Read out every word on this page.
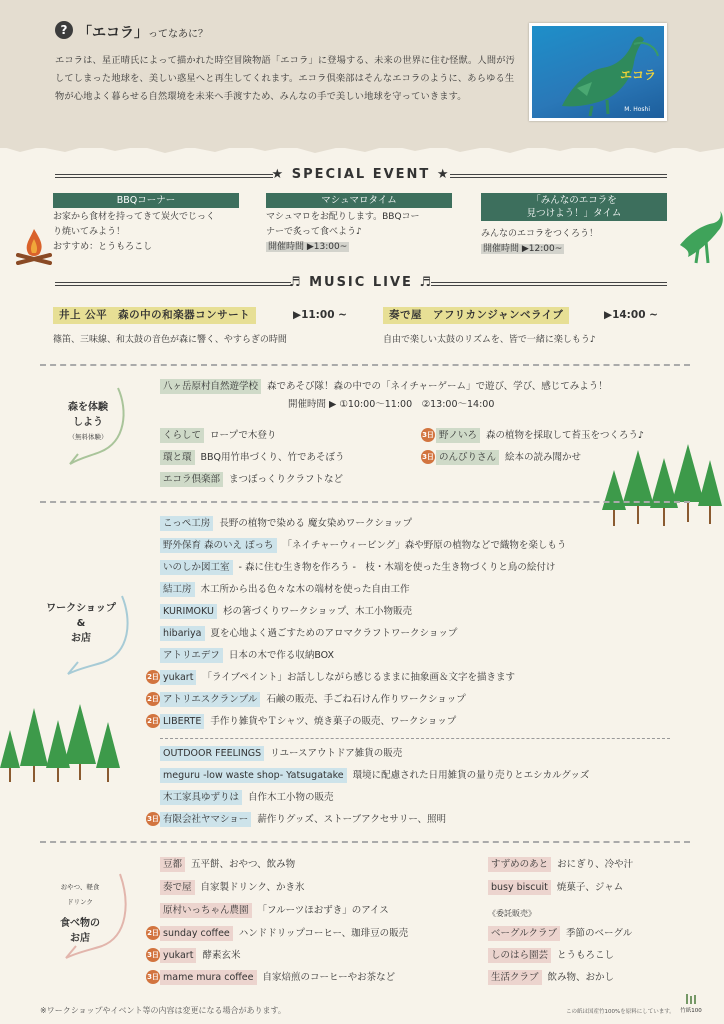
? 「エコラ」ってなあに？
エコラは、星正晴氏によって描かれた時空冒険物語「エコラ」に登場する、未来の世界に住む怪獣。人間が汚してしまった地球を、美しい惑星へと再生してくれます。エコラ倶楽部はそんなエコラのように、あらゆる生物が心地よく暮らせる自然環境を未来へ手渡すため、みんなの手で美しい地球を守っていきます。
エコラ
M. Hoshi
★ SPECIAL EVENT ★
BBQコーナー
お家から食材を持ってきて炭火でじっく
り焼いてみよう！
おすすめ：とうもろこし
マシュマロタイム
マシュマロをお配りします。BBQコー
ナーで炙って食べよう♪
開催時間 ▶13:00~
「みんなのエコラを
見つけよう！」タイム
みんなのエコラをつくろう！
開催時間 ▶12:00~
♬ MUSIC LIVE ♬
井上 公平　森の中の和楽器コンサート	▶11:00 ~
篠笛、三味線、和太鼓の音色が森に響く、やすらぎの時間
奏で屋　アフリカンジャンベライブ	▶14:00 ~
自由で楽しい太鼓のリズムを、皆で一緒に楽しもう♪
森を体験
しよう
（無料体験）
八ヶ岳原村自然遊学校 森であそび隊！森の中での「ネイチャーゲーム」で遊び、学び、感じてみよう！
開催時間 ▶ ①10:00～11:00　②13:00～14:00
くらして ロープで木登り
環と環 BBQ用竹串づくり、竹であそぼう
エコラ倶楽部 まつぼっくりクラフトなど
3日 野ノいろ 森の植物を採取して苔玉をつくろう♪
3日 のんびりさん 絵本の読み聞かせ
ワークショップ
&
お店
こっぺ工房 長野の植物で染める 魔女染めワークショップ
野外保育 森のいえ ぽっち 「ネイチャーウィービング」森や野原の植物などで織物を楽しもう
いのしか図工室 - 森に住む生き物を作ろう -　枝・木端を使った生き物づくりと鳥の絵付け
結工房 木工所から出る色々な木の端材を使った自由工作
KURIMOKU 杉の箸づくりワークショップ、木工小物販売
hibariya 夏を心地よく過ごすためのアロマクラフトワークショップ
アトリエデフ 日本の木で作る収納BOX
2日 yukart 「ライブペイント」お話ししながら感じるままに抽象画＆文字を描きます
2日 アトリエスクランブル 石鹸の販売、手ごね石けん作りワークショップ
2日 LIBERTE 手作り雑貨やＴシャツ、焼き菓子の販売、ワークショップ
OUTDOOR FEELINGS リユースアウトドア雑貨の販売
meguru -low waste shop- Yatsugatake 環境に配慮された日用雑貨の量り売りとエシカルグッズ
木工家具ゆずりは 自作木工小物の販売
3日 有限会社ヤマショー 薪作りグッズ、ストーブアクセサリー、照明
おやつ、軽食
ドリンク
食べ物の
お店
豆都 五平餅、おやつ、飲み物
奏で屋 自家製ドリンク、かき氷
原村いっちゃん農園 「フルーツほおずき」のアイス
2日 sunday coffee ハンドドリップコーヒー、珈琲豆の販売
3日 yukart 酵素玄米
3日 mame mura coffee 自家焙煎のコーヒーやお茶など
すずめのあと おにぎり、冷や汁
busy biscuit 焼菓子、ジャム
《委託販売》
ベーグルクラブ 季節のベーグル
しのはら園芸 とうもろこし
生活クラブ 飲み物、おかし
※ワークショップやイベント等の内容は変更になる場合があります。	この紙は国産竹100%を原料にしています。 竹紙100
